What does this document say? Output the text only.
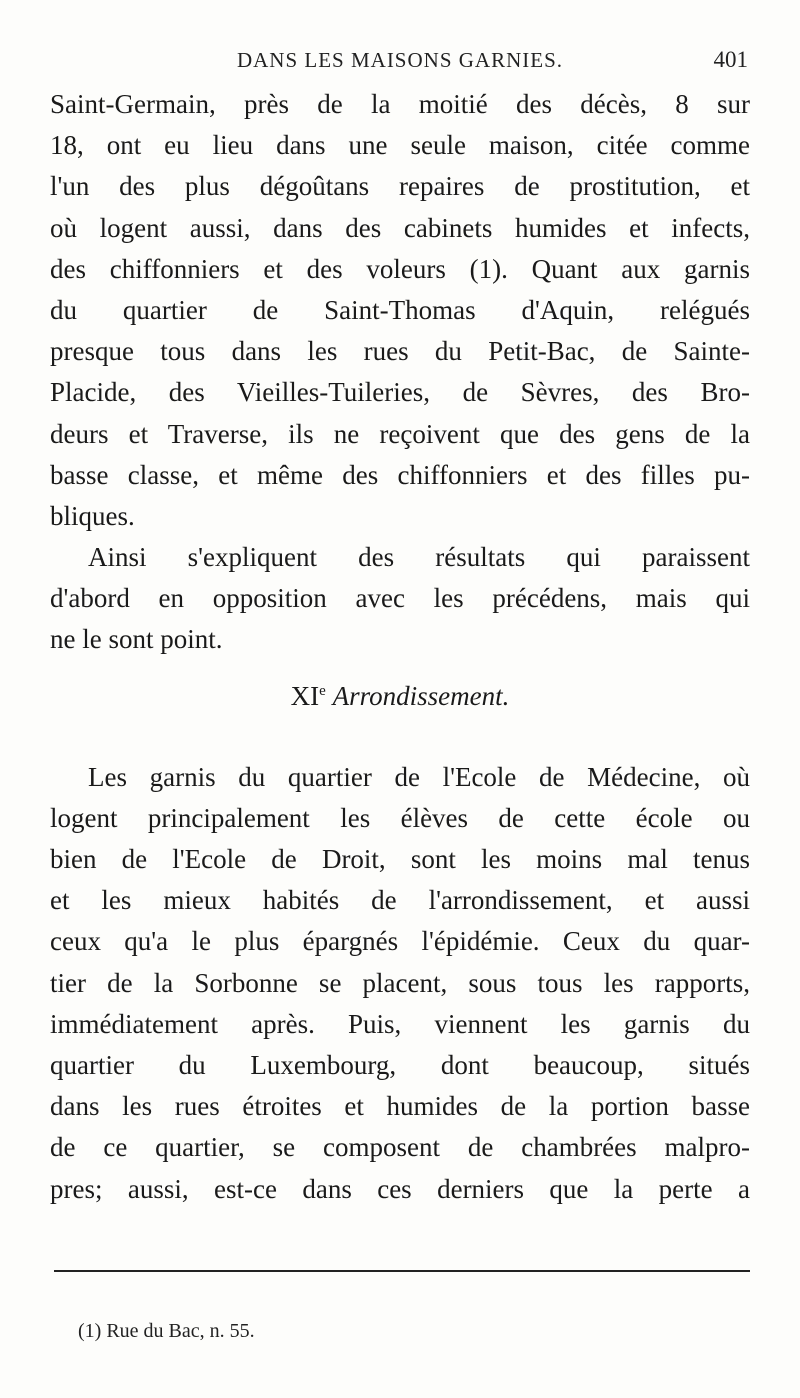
DANS LES MAISONS GARNIES.	401
Saint-Germain, près de la moitié des décès, 8 sur
18, ont eu lieu dans une seule maison, citée comme
l'un des plus dégoûtans repaires de prostitution, et
où logent aussi, dans des cabinets humides et infects,
des chiffonniers et des voleurs (1). Quant aux garnis
du quartier de Saint-Thomas d'Aquin, relégués
presque tous dans les rues du Petit-Bac, de Sainte-
Placide, des Vieilles-Tuileries, de Sèvres, des Bro-
deurs et Traverse, ils ne reçoivent que des gens de la
basse classe, et même des chiffonniers et des filles pu-
bliques.
Ainsi s'expliquent des résultats qui paraissent
d'abord en opposition avec les précédens, mais qui
ne le sont point.
XIe Arrondissement.
Les garnis du quartier de l'Ecole de Médecine, où
logent principalement les élèves de cette école ou
bien de l'Ecole de Droit, sont les moins mal tenus
et les mieux habités de l'arrondissement, et aussi
ceux qu'a le plus épargnés l'épidémie. Ceux du quar-
tier de la Sorbonne se placent, sous tous les rapports,
immédiatement après. Puis, viennent les garnis du
quartier du Luxembourg, dont beaucoup, situés
dans les rues étroites et humides de la portion basse
de ce quartier, se composent de chambrées malpro-
pres; aussi, est-ce dans ces derniers que la perte a
(1) Rue du Bac, n. 55.
